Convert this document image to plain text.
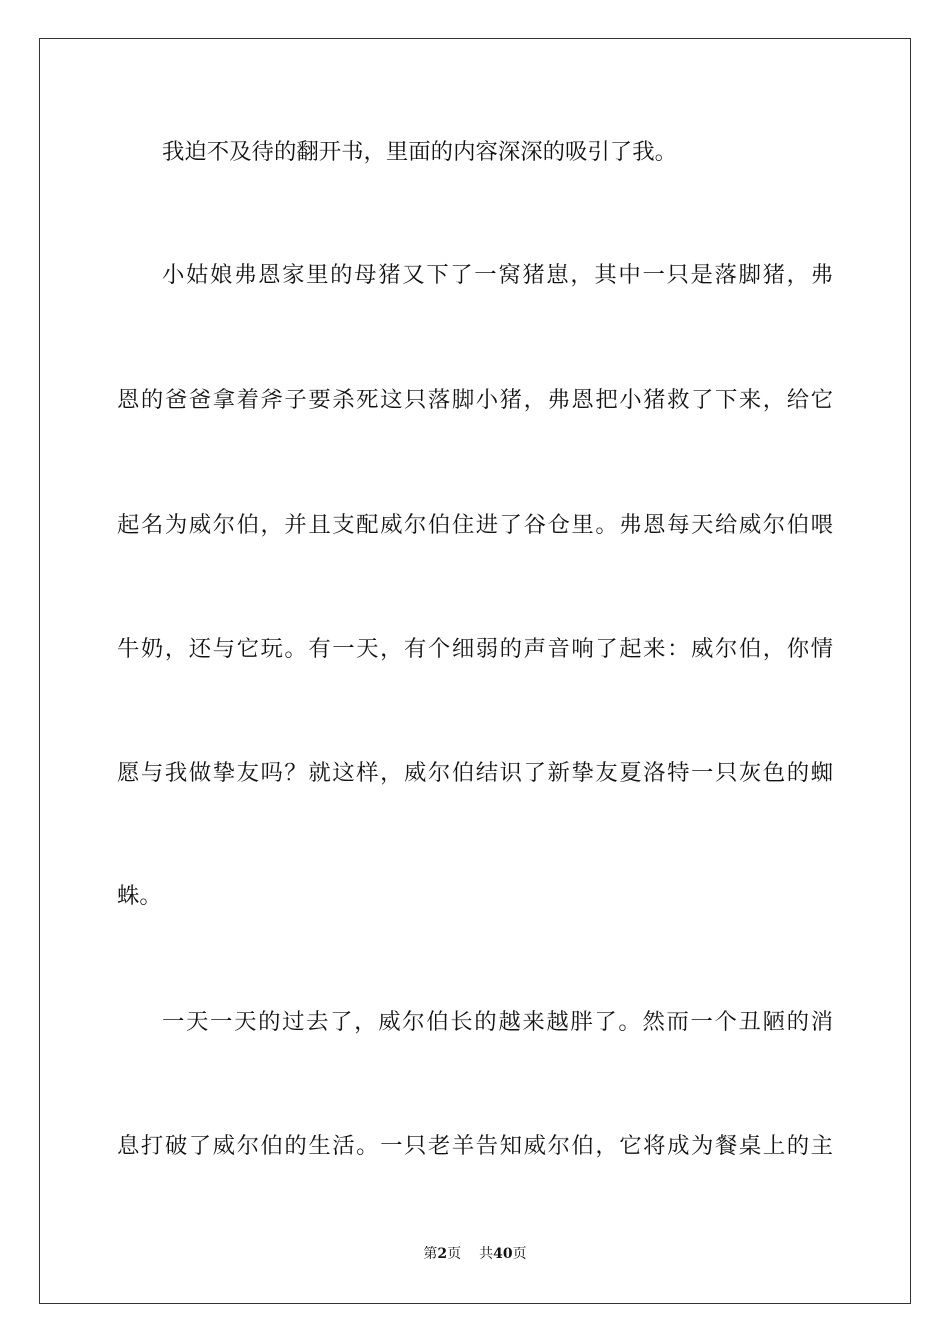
我迫不及待的翻开书，里面的内容深深的吸引了我。
小姑娘弗恩家里的母猪又下了一窝猪崽，其中一只是落脚猪，弗
恩的爸爸拿着斧子要杀死这只落脚小猪，弗恩把小猪救了下来，给它
起名为威尔伯，并且支配威尔伯住进了谷仓里。弗恩每天给威尔伯喂
牛奶，还与它玩。有一天，有个细弱的声音响了起来：威尔伯，你情
愿与我做挚友吗？就这样，威尔伯结识了新挚友夏洛特一只灰色的蜘
蛛。
一天一天的过去了，威尔伯长的越来越胖了。然而一个丑陋的消
息打破了威尔伯的生活。一只老羊告知威尔伯，它将成为餐桌上的主
第2页 共40页
